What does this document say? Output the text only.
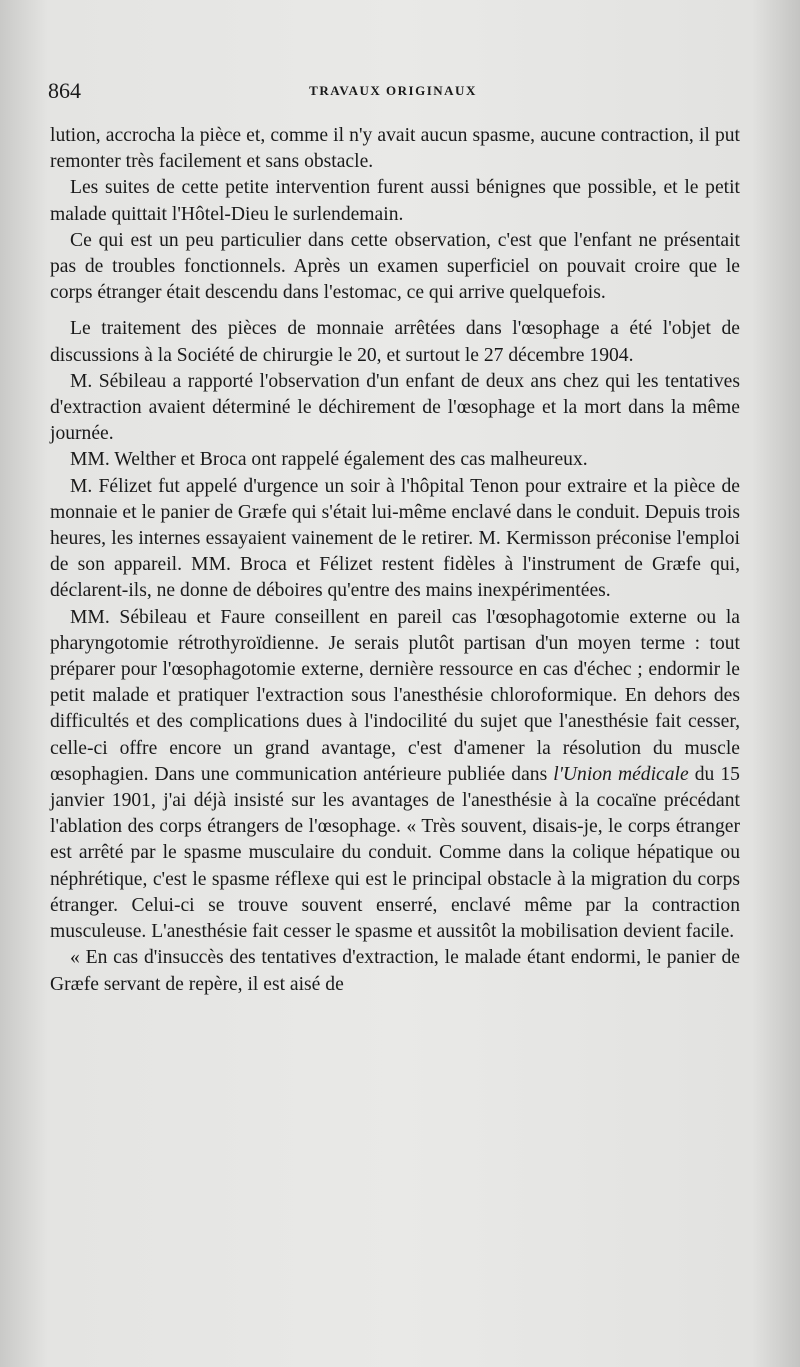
864	TRAVAUX ORIGINAUX

lution, accrocha la pièce et, comme il n'y avait aucun spasme, aucune contraction, il put remonter très facilement et sans obstacle.

Les suites de cette petite intervention furent aussi bénignes que possible, et le petit malade quittait l'Hôtel-Dieu le surlendemain.

Ce qui est un peu particulier dans cette observation, c'est que l'enfant ne présentait pas de troubles fonctionnels. Après un examen superficiel on pouvait croire que le corps étranger était descendu dans l'estomac, ce qui arrive quelquefois.

Le traitement des pièces de monnaie arrêtées dans l'œsophage a été l'objet de discussions à la Société de chirurgie le 20, et surtout le 27 décembre 1904.

M. Sébileau a rapporté l'observation d'un enfant de deux ans chez qui les tentatives d'extraction avaient déterminé le déchirement de l'œsophage et la mort dans la même journée.

MM. Welther et Broca ont rappelé également des cas malheureux.

M. Félizet fut appelé d'urgence un soir à l'hôpital Tenon pour extraire et la pièce de monnaie et le panier de Græfe qui s'était lui-même enclavé dans le conduit. Depuis trois heures, les internes essayaient vainement de le retirer. M. Kermisson préconise l'emploi de son appareil. MM. Broca et Félizet restent fidèles à l'instrument de Græfe qui, déclarent-ils, ne donne de déboires qu'entre des mains inexpérimentées.

MM. Sébileau et Faure conseillent en pareil cas l'œsophagotomie externe ou la pharyngotomie rétrothyroïdienne. Je serais plutôt partisan d'un moyen terme : tout préparer pour l'œsophagotomie externe, dernière ressource en cas d'échec ; endormir le petit malade et pratiquer l'extraction sous l'anesthésie chloroformique. En dehors des difficultés et des complications dues à l'indocilité du sujet que l'anesthésie fait cesser, celle-ci offre encore un grand avantage, c'est d'amener la résolution du muscle œsophagien. Dans une communication antérieure publiée dans l'Union médicale du 15 janvier 1901, j'ai déjà insisté sur les avantages de l'anesthésie à la cocaïne précédant l'ablation des corps étrangers de l'œsophage. « Très souvent, disais-je, le corps étranger est arrêté par le spasme musculaire du conduit. Comme dans la colique hépatique ou néphrétique, c'est le spasme réflexe qui est le principal obstacle à la migration du corps étranger. Celui-ci se trouve souvent enserré, enclavé même par la contraction musculeuse. L'anesthésie fait cesser le spasme et aussitôt la mobilisation devient facile.

« En cas d'insuccès des tentatives d'extraction, le malade étant endormi, le panier de Græfe servant de repère, il est aisé de
